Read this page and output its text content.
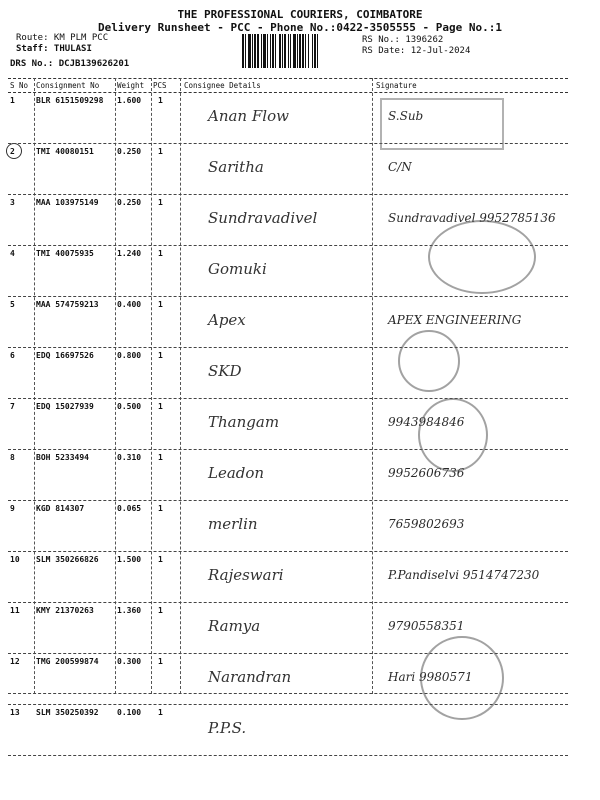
THE PROFESSIONAL COURIERS, COIMBATORE
Delivery Runsheet - PCC - Phone No.:0422-3505555 - Page No.:1
Route: KM PLM PCC
Staff: THULASI
DRS No.: DCJB139626201
RS No.: 1396262
RS Date: 12-Jul-2024
S No Consignment No Weight PCS Consignee Details	Signature
1	BLR 6151509298 1.600 1
Anan Flow	S.Sub
2	TMI 40080151	0.250 1
Saritha	C/N
3	MAA 103975149 0.250 1
Sundravadivel	Sundravadivel 9952785136
4	TMI 40075935	1.240 1
Gomuki
5	MAA 574759213 0.400 1
Apex	APEX ENGINEERING
6	EDQ 16697526	0.800 1
SKD
7	EDQ 15027939	0.500 1
Thangam	9943984846
8	BOH 5233494	0.310 1
Leadon	9952606736
9	KGD 814307	0.065 1
merlin	7659802693
10 SLM 350266826 1.500 1
Rajeswari	P.Pandiselvi 9514747230
11 KMY 21370263	1.360 1
Ramya	9790558351
12 TMG 200599874 0.300 1
Narandran	Hari 9980571
13 SLM 350250392 0.100 1
P.P.S.
